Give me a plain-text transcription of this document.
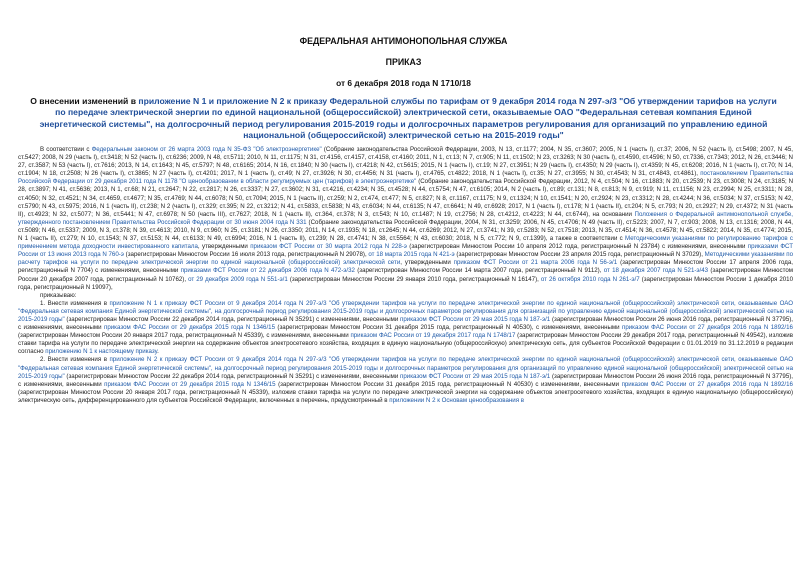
ФЕДЕРАЛЬНАЯ АНТИМОНОПОЛЬНАЯ СЛУЖБА
ПРИКАЗ
от 6 декабря 2018 года N 1710/18
О внесении изменений в приложение N 1 и приложение N 2 к приказу Федеральной службы по тарифам от 9 декабря 2014 года N 297-э/3 "Об утверждении тарифов на услуги по передаче электрической энергии по единой национальной (общероссийской) электрической сети, оказываемые ОАО "Федеральная сетевая компания Единой энергетической системы", на долгосрочный период регулирования 2015-2019 годы и долгосрочных параметров регулирования для организаций по управлению единой национальной (общероссийской) электрической сетью на 2015-2019 годы"

В соответствии с Федеральным законом от 26 марта 2003 года N 35-ФЗ "Об электроэнергетике" (Собрание законодательства Российской Федерации, 2003, N 13, ст.1177; 2004, N 35, ст.3607; 2005, N 1 (часть I), ст.37; 2006, N 52 (часть I), ст.5498; 2007, N 45, ст.5427; 2008, N 29 (часть I), ст.3418; N 52 (часть I), ст.6236; 2009, N 48, ст.5711; 2010, N 11, ст.1175; N 31, ст.4156, ст.4157, ст.4158, ст.4160; 2011, N 1, ст.13; N 7, ст.905; N 11, ст.1502; N 23, ст.3263; N 30 (часть I), ст.4590, ст.4596; N 50, ст.7336, ст.7343; 2012, N 26, ст.3446; N 27, ст.3587; N 53 (часть I), ст.7616; 2013, N 14, ст.1643; N 45, ст.5797; N 48, ст.6165; 2014, N 16, ст.1840; N 30 (часть I), ст.4218; N 42, ст.5615; 2015, N 1 (часть I), ст.19; N 27, ст.3951; N 29 (часть I), ст.4350; N 29 (часть I), ст.4359; N 45, ст.6208; 2016, N 1 (часть I), ст.70; N 14, ст.1904; N 18, ст.2508; N 26 (часть I), ст.3865; N 27 (часть I), ст.4201; 2017, N 1 (часть I), ст.49; N 27, ст.3926; N 30, ст.4456; N 31 (часть I), ст.4765, ст.4822; 2018, N 1 (часть I), ст.35; N 27, ст.3955; N 30, ст.4543; N 31, ст.4843, ст.4861), постановлением Правительства Российской Федерации от 29 декабря 2011 года N 1178 "О ценообразовании в области регулируемых цен (тарифов) в электроэнергетике" (Собрание законодательства Российской Федерации, 2012, N 4, ст.504; N 16, ст.1883; N 20, ст.2539; N 23, ст.3008; N 24, ст.3185; N 28, ст.3897; N 41, ст.5636; 2013, N 1, ст.68; N 21, ст.2647; N 22, ст.2817; N 26, ст.3337; N 27, ст.3602; N 31, ст.4216, ст.4234; N 35, ст.4528; N 44, ст.5754; N 47, ст.6105; 2014, N 2 (часть I), ст.89; ст.131; N 8, ст.813; N 9, ст.919; N 11, ст.1156; N 23, ст.2994; N 25, ст.3311; N 28, ст.4050; N 32, ст.4521; N 34, ст.4659, ст.4677; N 35, ст.4769; N 44, ст.6078; N 50, ст.7094; 2015, N 1 (часть II), ст.259; N 2, ст.474, ст.477; N 5, ст.827; N 8, ст.1167, ст.1175; N 9, ст.1324; N 10, ст.1541; N 20, ст.2924; N 23, ст.3312; N 28, ст.4244; N 36, ст.5034; N 37, ст.5153; N 42, ст.5790; N 43, ст.5975; 2016, N 1 (часть II), ст.238; N 2 (часть I), ст.329; ст.395; N 22, ст.3212; N 41, ст.5833, ст.5838; N 43, ст.6034; N 44, ст.6135; N 47, ст.6641; N 49, ст.6928; 2017, N 1 (часть I), ст.178; N 1 (часть II), ст.204; N 5, ст.793; N 20, ст.2927; N 29, ст.4372; N 31 (часть II), ст.4923; N 32, ст.5077; N 36, ст.5441; N 47, ст.6978; N 50 (часть III), ст.7627; 2018, N 1 (часть II), ст.364, ст.378; N 3, ст.543; N 10, ст.1487; N 19, ст.2756; N 28, ст.4212, ст.4223; N 44, ст.6744), на основании Положения о Федеральной антимонопольной службе, утвержденного постановлением Правительства Российской Федерации от 30 июня 2004 года N 331 (Собрание законодательства Российской Федерации, 2004, N 31, ст.3259; 2006, N 45, ст.4706; N 49 (часть II), ст.5223; 2007, N 7, ст.903; 2008, N 13, ст.1316; 2008, N 44, ст.5089; N 46, ст.5337; 2009, N 3, ст.378; N 39, ст.4613; 2010, N 9, ст.960; N 25, ст.3181; N 26, ст.3350; 2011, N 14, ст.1935; N 18, ст.2645; N 44, ст.6269; 2012, N 27, ст.3741; N 39, ст.5283; N 52, ст.7518; 2013, N 35, ст.4514; N 36, ст.4578; N 45, ст.5822; 2014, N 35, ст.4774; 2015, N 1 (часть II), ст.279; N 10, ст.1543; N 37, ст.5153; N 44, ст.6133; N 49, ст.6994; 2016, N 1 (часть II), ст.239; N 28, ст.4741; N 38, ст.5564; N 43, ст.6030; 2018, N 5, ст.772; N 9, ст.1399), а также в соответствии с Методическими указаниями по регулированию тарифов с применением метода доходности инвестированного капитала, утвержденными приказом ФСТ России от 30 марта 2012 года N 228-э (зарегистрирован Минюстом России 10 апреля 2012 года, регистрационный N 23784) с изменениями, внесенными приказами ФСТ России от 13 июня 2013 года N 760-э (зарегистрирован Минюстом России 16 июля 2013 года, регистрационный N 29078), от 18 марта 2015 года N 421-э (зарегистрирован Минюстом России 23 апреля 2015 года, регистрационный N 37029), Методическими указаниями по расчету тарифов на услуги по передаче электрической энергии по единой национальной (общероссийской) электрической сети, утвержденными приказом ФСТ России от 21 марта 2006 года N 56-э/1 (зарегистрирован Минюстом России 17 апреля 2006 года, регистрационный N 7704) с изменениями, внесенными приказами ФСТ России от 22 декабря 2006 года N 472-э/32 (зарегистрирован Минюстом России 14 марта 2007 года, регистрационный N 9112), от 18 декабря 2007 года N 521-э/43 (зарегистрирован Минюстом России 20 декабря 2007 года, регистрационный N 10762), от 29 декабря 2009 года N 551-э/1 (зарегистрирован Минюстом России 29 января 2010 года, регистрационный N 16147), от 26 октября 2010 года N 261-э/7 (зарегистрирован Минюстом России 1 декабря 2010 года, регистрационный N 19097),

приказываю:

1. Внести изменения в приложение N 1 к приказу ФСТ России от 9 декабря 2014 года N 297-э/3 "Об утверждении тарифов на услуги по передаче электрической энергии по единой национальной (общероссийской) электрической сети, оказываемые ОАО "Федеральная сетевая компания Единой энергетической системы", на долгосрочный период регулирования 2015-2019 годы и долгосрочных параметров регулирования для организаций по управлению единой национальной (общероссийской) электрической сетью на 2015-2019 годы" (зарегистрирован Минюстом России 22 декабря 2014 года, регистрационный N 35291) с изменениями, внесенными приказом ФСТ России от 29 мая 2015 года N 187-э/1 (зарегистрирован Минюстом России 26 июня 2016 года, регистрационный N 37795), с изменениями, внесенными приказом ФАС России от 29 декабря 2015 года N 1346/15 (зарегистрирован Минюстом России 31 декабря 2015 года, регистрационный N 40530), с изменениями, внесенными приказом ФАС России от 27 декабря 2016 года N 1892/16 (зарегистрирован Минюстом России 20 января 2017 года, регистрационный N 45339), с изменениями, внесенными приказом ФАС России от 19 декабря 2017 года N 1748/17 (зарегистрирован Минюстом России 29 декабря 2017 года, регистрационный N 49542), изложив ставки тарифа на услуги по передаче электрической энергии на содержание объектов электросетевого хозяйства, входящих в единую национальную (общероссийскую) электрическую сеть, для субъектов Российской Федерации с 01.01.2019 по 31.12.2019 в редакции согласно приложению N 1 к настоящему приказу.

2. Внести изменения в приложение N 2 к приказу ФСТ России от 9 декабря 2014 года N 297-э/3 "Об утверждении тарифов на услуги по передаче электрической энергии по единой национальной (общероссийской) электрической сети, оказываемые ОАО "Федеральная сетевая компания Единой энергетической системы", на долгосрочный период регулирования 2015-2019 годы и долгосрочных параметров регулирования для организаций по управлению единой национальной (общероссийской) электрической сетью на 2015-2019 годы" (зарегистрирован Минюстом России 22 декабря 2014 года, регистрационный N 35291) с изменениями, внесенными приказом ФСТ России от 29 мая 2015 года N 187-э/1 (зарегистрирован Минюстом России 26 июня 2016 года, регистрационный N 37795), с изменениями, внесенными приказом ФАС России от 29 декабря 2015 года N 1346/15 (зарегистрирован Минюстом России 31 декабря 2015 года, регистрационный N 40530) с изменениями, внесенными приказом ФАС России от 27 декабря 2016 года N 1892/16 (зарегистрирован Минюстом России 20 января 2017 года, регистрационный N 45339), изложив ставки тарифа на услуги по передаче электрической энергии на содержание объектов электросетевого хозяйства, входящих в единую национальную (общероссийскую) электрическую сеть, дифференцированного для субъектов Российской Федерации, включенных в перечень, предусмотренный в приложении N 2 к Основам ценообразования в
